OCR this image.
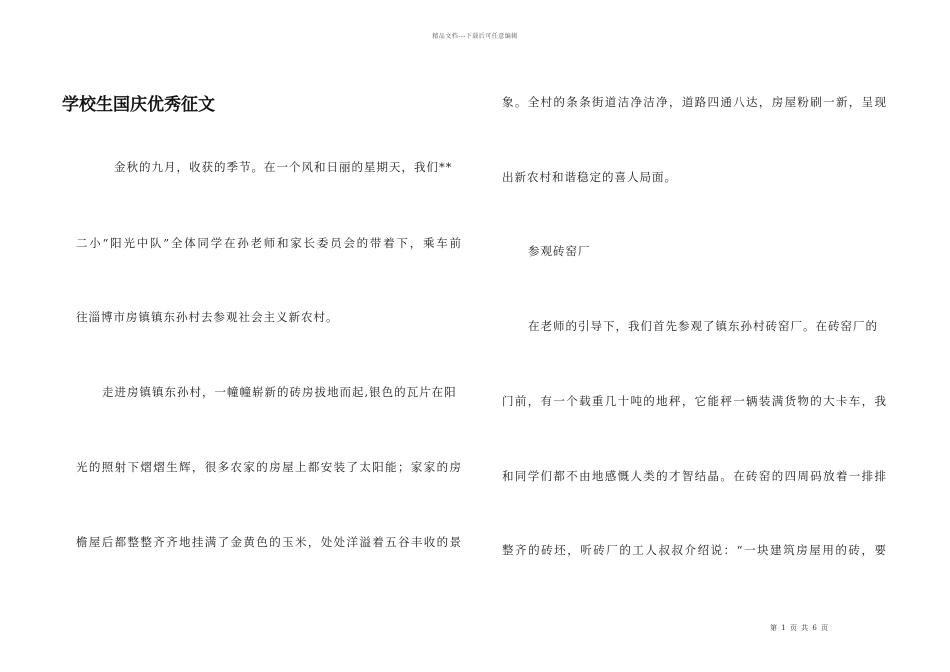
精品文档---下载后可任意编辑
学校生国庆优秀征文
金秋的九月，收获的季节。在一个风和日丽的星期天，我们**
二小“阳光中队”全体同学在孙老师和家长委员会的带着下，乘车前
往淄博市房镇镇东孙村去参观社会主义新农村。
走进房镇镇东孙村，一幢幢崭新的砖房拔地而起,银色的瓦片在阳
光的照射下熠熠生辉，很多农家的房屋上都安装了太阳能；家家的房
檐屋后都整整齐齐地挂满了金黄色的玉米，处处洋溢着五谷丰收的景
象。全村的条条街道洁净洁净，道路四通八达，房屋粉刷一新，呈现
出新农村和谐稳定的喜人局面。
参观砖窑厂
在老师的引导下，我们首先参观了镇东孙村砖窑厂。在砖窑厂的
门前，有一个载重几十吨的地秤，它能秤一辆装满货物的大卡车，我
和同学们都不由地感慨人类的才智结晶。在砖窑的四周码放着一排排
整齐的砖坯，听砖厂的工人叔叔介绍说：“一块建筑房屋用的砖，要
第 1 页 共 6 页
